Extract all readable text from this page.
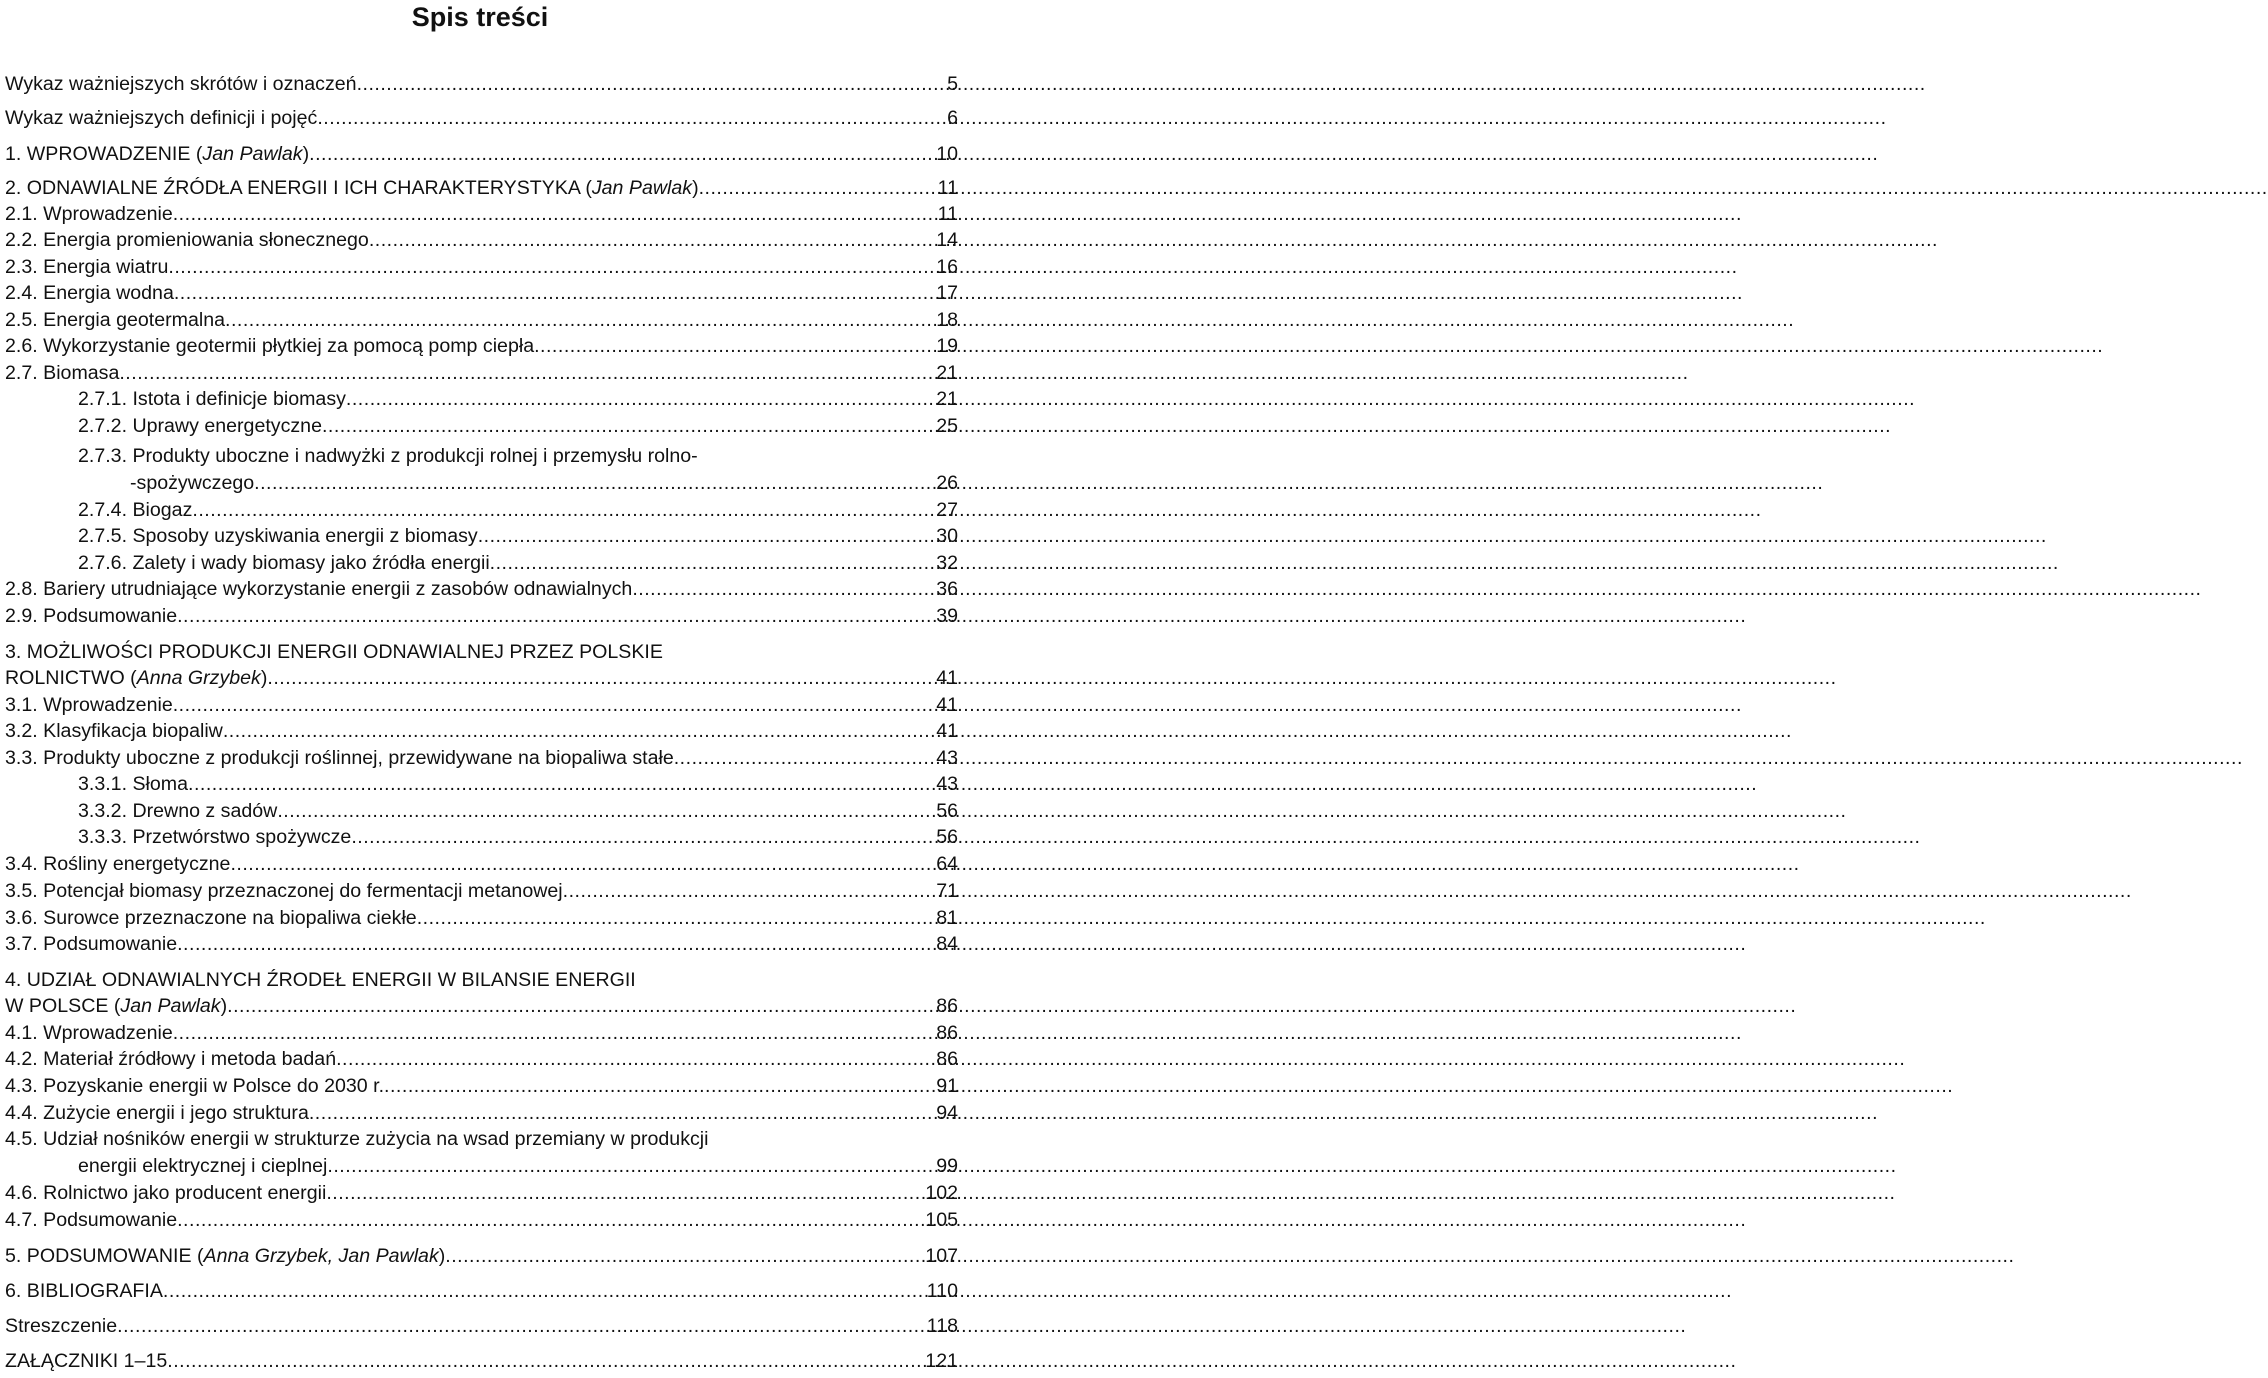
Spis treści
Wykaz ważniejszych skrótów i oznaczeń .....	5
Wykaz ważniejszych definicji i pojęć .....	6
1. WPROWADZENIE (Jan Pawlak) .....	10
2. ODNAWIALNE ŹRÓDŁA ENERGII I ICH CHARAKTERYSTYKA (Jan Pawlak) .....	11
2.1. Wprowadzenie .....	11
2.2. Energia promieniowania słonecznego .....	14
2.3. Energia wiatru .....	16
2.4. Energia wodna .....	17
2.5. Energia geotermalna .....	18
2.6. Wykorzystanie geotermii płytkiej za pomocą pomp ciepła .....	19
2.7. Biomasa .....	21
2.7.1. Istota i definicje biomasy .....	21
2.7.2. Uprawy energetyczne .....	25
2.7.3. Produkty uboczne i nadwyżki z produkcji rolnej i przemysłu rolno-
-spożywczego .....	26
2.7.4. Biogaz .....	27
2.7.5. Sposoby uzyskiwania energii z biomasy .....	30
2.7.6. Zalety i wady biomasy jako źródła energii .....	32
2.8. Bariery utrudniające wykorzystanie energii z zasobów odnawialnych .....	36
2.9. Podsumowanie .....	39
3. MOŻLIWOŚCI PRODUKCJI ENERGII ODNAWIALNEJ PRZEZ POLSKIE
ROLNICTWO (Anna Grzybek) .....	41
3.1. Wprowadzenie .....	41
3.2. Klasyfikacja biopaliw .....	41
3.3. Produkty uboczne z produkcji roślinnej, przewidywane na biopaliwa stałe .....	43
3.3.1. Słoma .....	43
3.3.2. Drewno z sadów .....	56
3.3.3. Przetwórstwo spożywcze .....	56
3.4. Rośliny energetyczne .....	64
3.5. Potencjał biomasy przeznaczonej do fermentacji metanowej .....	71
3.6. Surowce przeznaczone na biopaliwa ciekłe .....	81
3.7. Podsumowanie .....	84
4. UDZIAŁ ODNAWIALNYCH ŹRODEŁ ENERGII W BILANSIE ENERGII
W POLSCE (Jan Pawlak) .....	86
4.1. Wprowadzenie .....	86
4.2. Materiał źródłowy i metoda badań .....	86
4.3. Pozyskanie energii w Polsce do 2030 r. .....	91
4.4. Zużycie energii i jego struktura .....	94
4.5. Udział nośników energii w strukturze zużycia na wsad przemiany w produkcji
energii elektrycznej i cieplnej .....	99
4.6. Rolnictwo jako producent energii .....	102
4.7. Podsumowanie .....	105
5. PODSUMOWANIE (Anna Grzybek, Jan Pawlak) .....	107
6. BIBLIOGRAFIA .....	110
Streszczenie .....	118
ZAŁĄCZNIKI 1–15 .....	121
